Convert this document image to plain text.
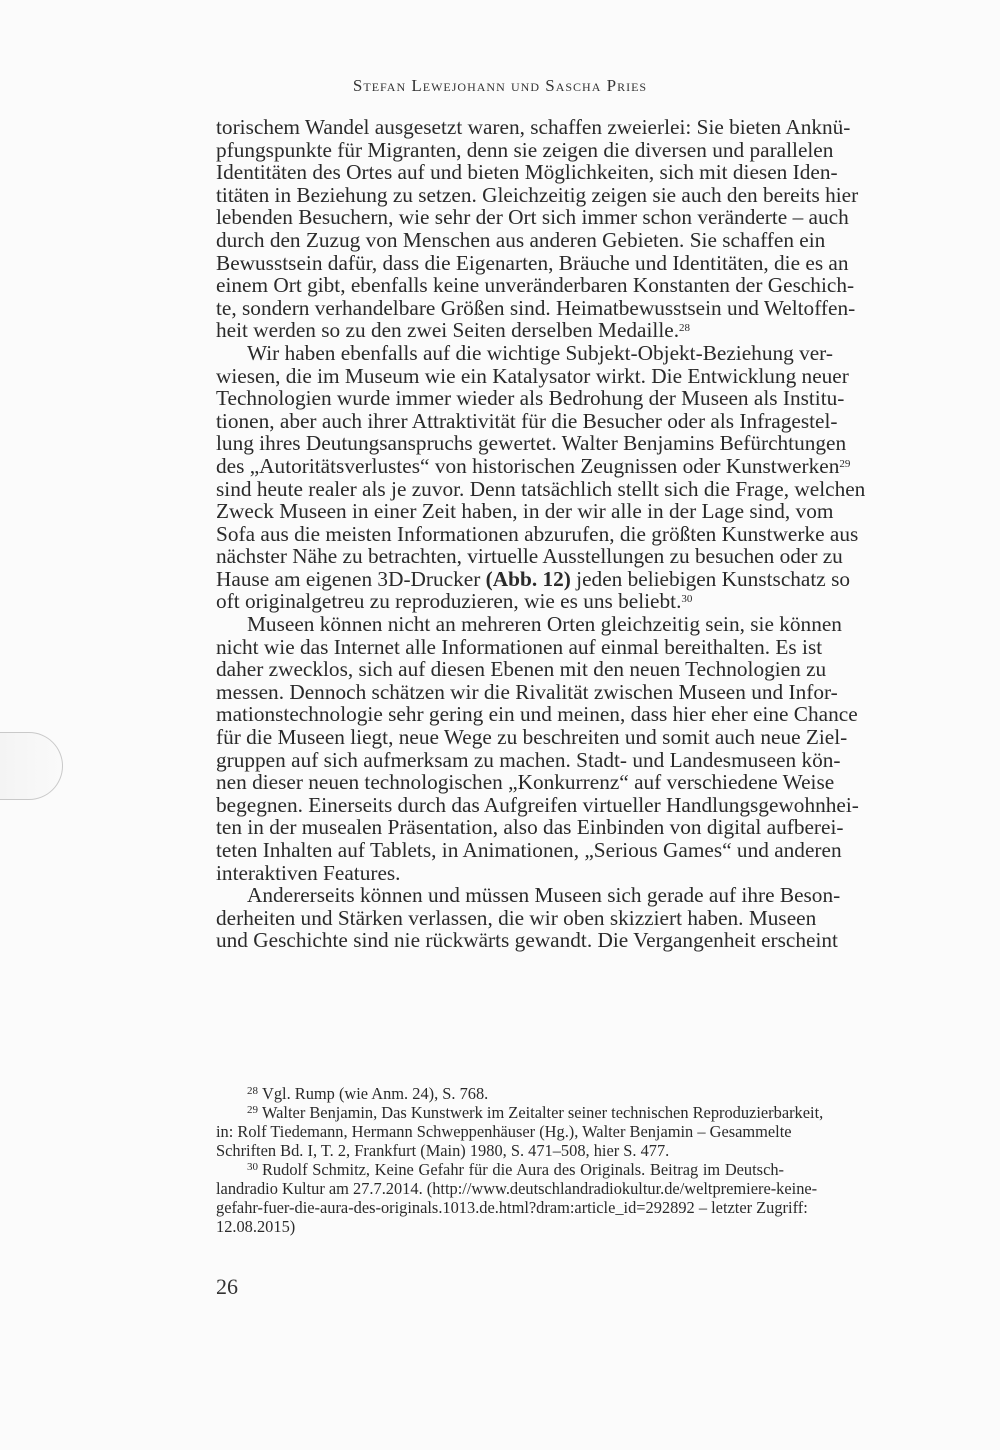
Stefan Lewejohann und Sascha Pries

torischem Wandel ausgesetzt waren, schaffen zweierlei: Sie bieten Anknü-
pfungspunkte für Migranten, denn sie zeigen die diversen und parallelen
Identitäten des Ortes auf und bieten Möglichkeiten, sich mit diesen Iden-
titäten in Beziehung zu setzen. Gleichzeitig zeigen sie auch den bereits hier
lebenden Besuchern, wie sehr der Ort sich immer schon veränderte – auch
durch den Zuzug von Menschen aus anderen Gebieten. Sie schaffen ein
Bewusstsein dafür, dass die Eigenarten, Bräuche und Identitäten, die es an
einem Ort gibt, ebenfalls keine unveränderbaren Konstanten der Geschich-
te, sondern verhandelbare Größen sind. Heimatbewusstsein und Weltoffen-
heit werden so zu den zwei Seiten derselben Medaille.$^{28}$

Wir haben ebenfalls auf die wichtige Subjekt-Objekt-Beziehung ver-
wiesen, die im Museum wie ein Katalysator wirkt. Die Entwicklung neuer
Technologien wurde immer wieder als Bedrohung der Museen als Institu-
tionen, aber auch ihrer Attraktivität für die Besucher oder als Infragestel-
lung ihres Deutungsanspruchs gewertet. Walter Benjamins Befürchtungen
des „Autoritätsverlustes“ von historischen Zeugnissen oder Kunstwerken$^{29}$
sind heute realer als je zuvor. Denn tatsächlich stellt sich die Frage, welchen
Zweck Museen in einer Zeit haben, in der wir alle in der Lage sind, vom
Sofa aus die meisten Informationen abzurufen, die größten Kunstwerke aus
nächster Nähe zu betrachten, virtuelle Ausstellungen zu besuchen oder zu
Hause am eigenen 3D-Drucker (Abb. 12) jeden beliebigen Kunstschatz so
oft originalgetreu zu reproduzieren, wie es uns beliebt.$^{30}$

Museen können nicht an mehreren Orten gleichzeitig sein, sie können
nicht wie das Internet alle Informationen auf einmal bereithalten. Es ist
daher zwecklos, sich auf diesen Ebenen mit den neuen Technologien zu
messen. Dennoch schätzen wir die Rivalität zwischen Museen und Infor-
mationstechnologie sehr gering ein und meinen, dass hier eher eine Chance
für die Museen liegt, neue Wege zu beschreiten und somit auch neue Ziel-
gruppen auf sich aufmerksam zu machen. Stadt- und Landesmuseen kön-
nen dieser neuen technologischen „Konkurrenz“ auf verschiedene Weise
begegnen. Einerseits durch das Aufgreifen virtueller Handlungsgewohnhei-
ten in der musealen Präsentation, also das Einbinden von digital aufberei-
teten Inhalten auf Tablets, in Animationen, „Serious Games“ und anderen
interaktiven Features.

Andererseits können und müssen Museen sich gerade auf ihre Beson-
derheiten und Stärken verlassen, die wir oben skizziert haben. Museen
und Geschichte sind nie rückwärts gewandt. Die Vergangenheit erscheint

$^{28}$ Vgl. Rump (wie Anm. 24), S. 768.
$^{29}$ Walter Benjamin, Das Kunstwerk im Zeitalter seiner technischen Reproduzierbarkeit,
in: Rolf Tiedemann, Hermann Schweppenhäuser (Hg.), Walter Benjamin – Gesammelte
Schriften Bd. I, T. 2, Frankfurt (Main) 1980, S. 471–508, hier S. 477.
$^{30}$ Rudolf Schmitz, Keine Gefahr für die Aura des Originals. Beitrag im Deutsch-
landradio Kultur am 27.7.2014. (http://www.deutschlandradiokultur.de/weltpremiere-keine-
gefahr-fuer-die-aura-des-originals.1013.de.html?dram:article_id=292892 – letzter Zugriff:
12.08.2015)
26
